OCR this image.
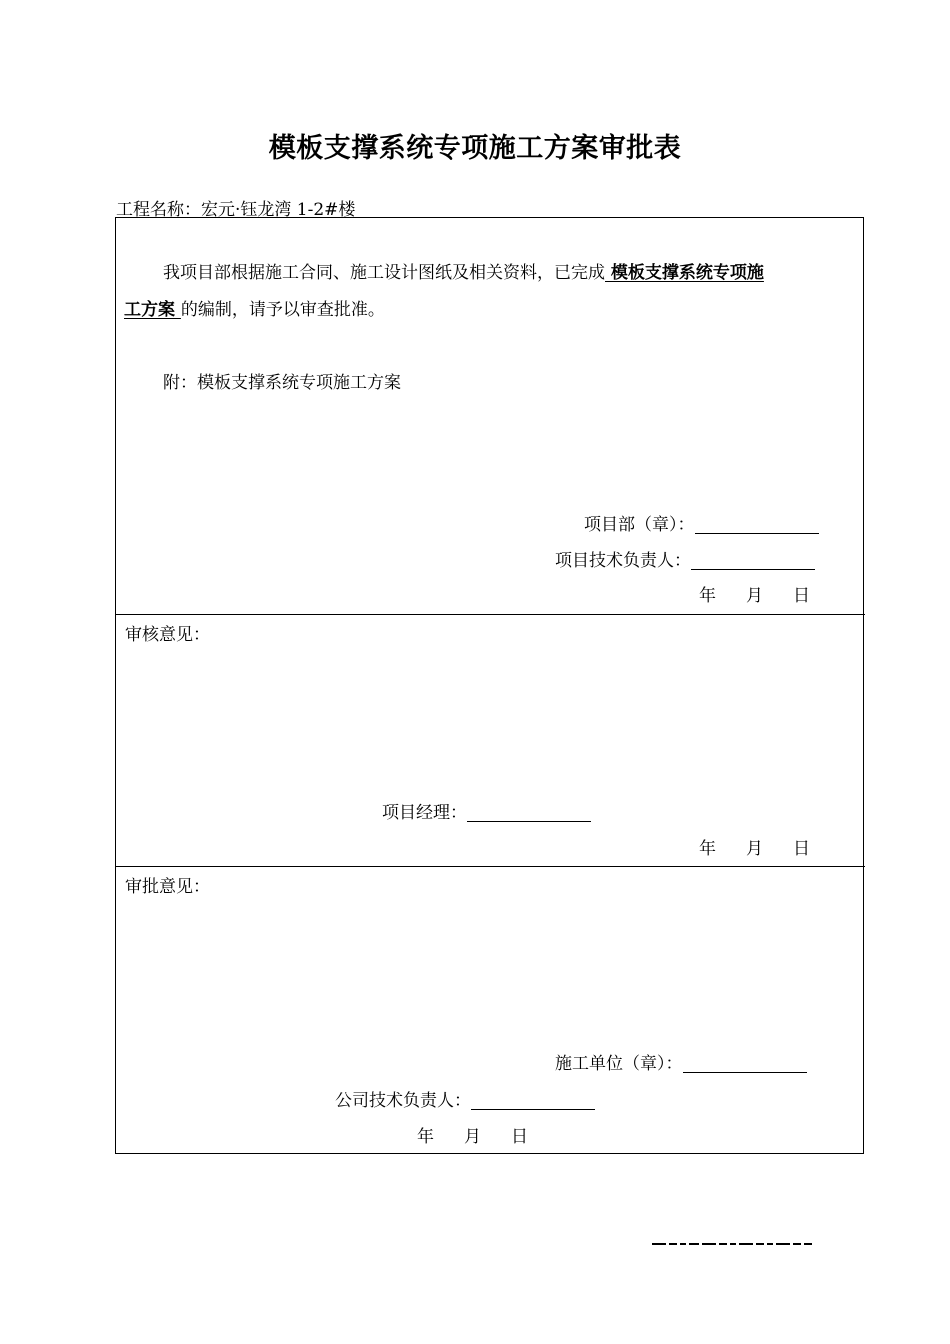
模板支撑系统专项施工方案审批表
工程名称：宏元·钰龙湾 1-2#楼
我项目部根据施工合同、施工设计图纸及相关资料，已完成 模板支撑系统专项施
工方案 的编制，请予以审查批准。
附：模板支撑系统专项施工方案
项目部（章）：
项目技术负责人：
年 月 日
审核意见：
项目经理：
年 月 日
审批意见：
施工单位（章）：
公司技术负责人：
年 月 日
